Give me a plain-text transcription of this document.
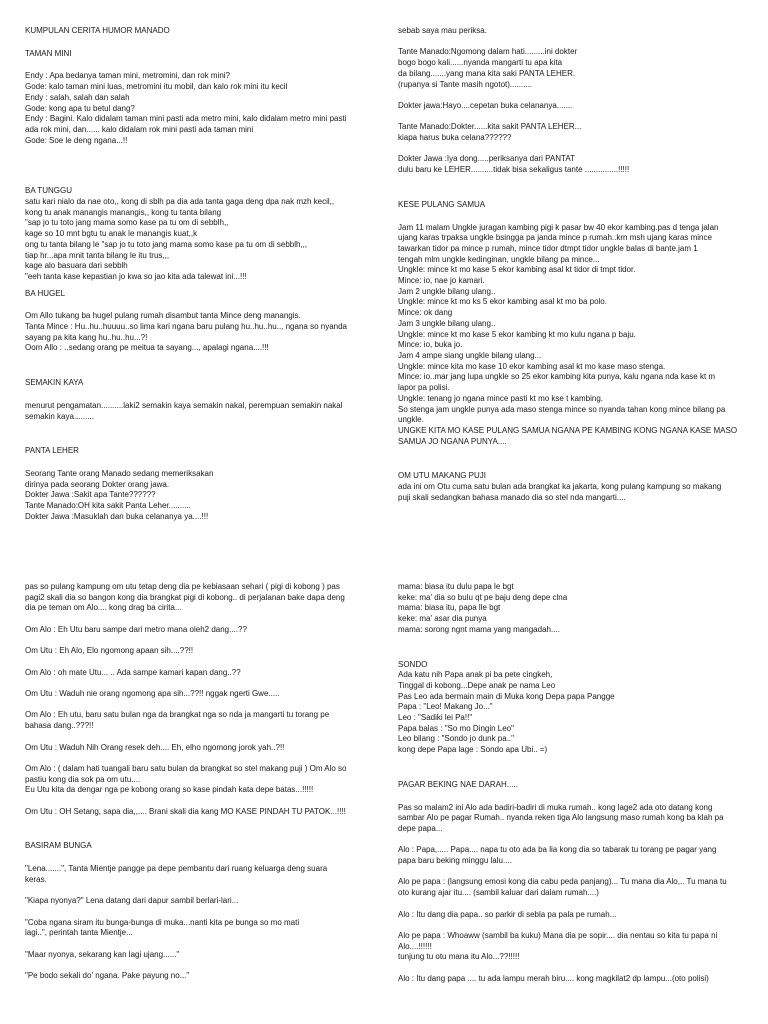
KUMPULAN CERITA HUMOR MANADO

TAMAN MINI

Endy : Apa bedanya taman mini, metromini, dan rok mini?

Gode: kalo taman mini luas, metromini itu mobil, dan kalo rok mini itu kecil

Endy : salah, salah dan salah

Gode: kong apa tu betul dang?

Endy : Bagini. Kalo didalam taman mini pasti ada metro mini, kalo didalam metro mini pasti

ada rok mini, dan...... kalo didalam rok mini pasti ada taman mini

Gode: Soe le deng ngana...!!

BA TUNGGU

satu kari nialo da nae oto,, kong di sblh pa dia ada tanta gaga deng dpa nak mzh kecil,,

kong tu anak manangis manangis,, kong tu tanta bilang

"sap jo tu toto jang mama somo kase pa tu om di sebblh,,

kage so 10 mnt bgtu tu anak le manangis kuat,,k

ong tu tanta bilang le "sap jo tu toto jang mama somo kase pa tu om di sebblh,,,

tiap hr...apa mnit tanta bilang le itu trus,,,

kage alo basuara dari sebblh

"eeh tanta kase kepastian jo kwa so jao kita ada talewat ini...!!!

BA HUGEL

Om Allo tukang ba hugel pulang rumah disambut tanta Mince deng manangis.

Tanta Mince : Hu..hu..huuuu..so lima kari ngana baru pulang hu..hu..hu.., ngana so nyanda

sayang pa kita kang hu..hu..hu...?!

Oom Allo : ..sedang orang pe meitua ta sayang..., apalagi ngana....!!!

SEMAKIN KAYA

menurut pengamatan..........laki2 semakin kaya semakin nakal, perempuan semakin nakal

semakin kaya.........

PANTA LEHER

Seorang Tante orang Manado sedang memeriksakan

dirinya pada seorang Dokter orang jawa.

Dokter Jawa :Sakit apa Tante??????

Tante Manado:OH kita sakit Panta Leher..........

Dokter Jawa :Masuklah dan buka celananya ya....!!!

sebab saya mau periksa.

Tante Manado:Ngomong dalam hati.........ini dokter

bogo bogo kali......nyanda mangarti tu apa kita

da bilang.......yang mana kita saki PANTA LEHER.

(rupanya si Tante masih ngotot)..........

Dokter jawa:Hayo....cepetan buka celananya.......

Tante Manado:Dokter......kita sakit PANTA LEHER...

kiapa harus buka celana??????

Dokter Jawa :Iya dong.....periksanya dari PANTAT

dulu baru ke LEHER..........tidak bisa sekaligus tante ...............!!!!!

KESE PULANG SAMUA

Jam 11 malam Ungkle juragan kambing pigi k pasar bw 40 ekor kambing.pas d tenga jalan

ujang karas trpaksa ungkle bsingga pa janda mince p rumah..krn msh ujang karas mince

tawarkan tidor pa mince p rumah, mince tidor dtmpt tidor ungkle balas di bante.jam 1

tengah mlm ungkle kedinginan, ungkle bilang pa mince...

Ungkle: mince kt mo kase 5 ekor kambing asal kt tidor di tmpt tidor.

Mince: io, nae jo kamari.

Jam 2 ungkle bilang ulang..

Ungkle: mince kt mo ks 5 ekor kambing asal kt mo ba polo.

Mince: ok dang

Jam 3 ungkle bilang ulang..

Ungkle: mince kt mo kase 5 ekor kambing kt mo kulu ngana p baju.

Mince: io, buka jo.

Jam 4 ampe siang ungkle bilang ulang...

Ungkle: mince kita mo kase 10 ekor kambing asal kt mo kase maso stenga.

Mince: io..mar jang lupa ungkle so 25 ekor kambing kita punya, kalu ngana nda kase kt m

lapor pa polisi.

Ungkle: tenang jo ngana mince pasti kt mo kse t kambing.

So stenga jam ungkle punya ada maso stenga mince so nyanda tahan kong mince bilang pa

ungkle.

UNGKE KITA MO KASE PULANG SAMUA NGANA PE KAMBING KONG NGANA KASE MASO

SAMUA JO NGANA PUNYA....

OM UTU MAKANG PUJI

ada ini om Otu cuma satu bulan ada brangkat ka jakarta, kong pulang kampung so makang

puji skali sedangkan bahasa manado dia so stel nda mangarti....

pas so pulang kampung om utu tetap deng dia pe kebiasaan sehari ( pigi di kobong ) pas

pagi2 skali dia so bangon kong dia brangkat pigi di kobong.. di perjalanan bake dapa deng

dia pe teman om Alo.... kong drag ba cirita...

Om Alo : Eh Utu baru sampe dari metro mana oleh2 dang....??

Om Utu : Eh Alo, Elo ngomong apaan sih....??!!

Om Alo : oh mate Utu... .. Ada sampe kamari kapan dang..??

Om Utu : Waduh nie orang ngomong apa sih...??!! nggak ngerti Gwe.....

Om Alo : Eh utu, baru satu bulan nga da brangkat nga so nda ja mangarti tu torang pe

bahasa dang..???!!

Om Utu : Waduh Nih Orang resek deh.... Eh, elho ngomong jorok yah..?!!

Om Alo : ( dalam hati tuangali baru satu bulan da brangkat so stel makang puji ) Om Alo so

pastiu kong dia sok pa om utu....

Eu Utu kita da dengar nga pe kobong orang so kase pindah kata depe batas...!!!!!

Om Utu : OH Setang, sapa dia,,.... Brani skali dia kang MO KASE PINDAH TU PATOK...!!!!

BASIRAM BUNGA

"Lena.......", Tanta Mientje pangge pa depe pembantu dari ruang keluarga deng suara

keras.

"Kiapa nyonya?" Lena datang dari dapur sambil berlari-lari...

"Coba ngana siram itu bunga-bunga di muka...nanti kita pe bunga so mo mati

lagi..", perintah tanta Mientje...

"Maar nyonya, sekarang kan lagi ujang......"

"Pe bodo sekali do' ngana. Pake payung no..."

mama: biasa itu dulu papa le bgt

keke: ma' dia so bulu qt pe baju deng depe clna

mama: biasa itu, papa lle bgt

keke: ma' asar dia punya

mama: sorong ngnt mama yang mangadah....

SONDO

Ada katu nih Papa anak pi ba pete cingkeh,

Tinggal di kobong...Depe anak pe nama Leo

Pas Leo ada bermain main di Muka kong Depa papa Pangge

Papa : "Leo! Makang Jo..."

Leo : "Sadiki lei Pa!!"

Papa balas : "So mo Dingin Leo"

Leo bilang : "Sondo jo dunk pa.."

kong depe Papa lage : Sondo apa Ubi.. =)

PAGAR BEKING NAE DARAH.....

Pas so malam2 ini Alo ada badiri-badiri di muka rumah.. kong lage2 ada oto datang kong

sambar Alo pe pagar Rumah.. nyanda reken tiga Alo langsung maso rumah kong ba klah pa

depe papa...

Alo : Papa,..... Papa.... napa tu oto ada ba lia kong dia so tabarak tu torang pe pagar yang

papa baru beking minggu lalu....

Alo pe papa : (langsung emosi kong dia cabu peda panjang)... Tu mana dia Alo,.. Tu mana tu

oto kurang ajar itu.... (sambil kaluar dari dalam rumah....)

Alo : Itu dang dia papa.. so parkir di sebla pa pala pe rumah...

Alo pe papa : Whoaww (sambil ba kuku) Mana dia pe sopir.... dia nentau so kita tu papa ni

Alo....!!!!!!

tunjung tu otu mana itu Alo...??!!!!!

Alo : Itu dang papa .... tu ada lampu merah biru.... kong magkilat2 dp lampu...(oto polisi)
